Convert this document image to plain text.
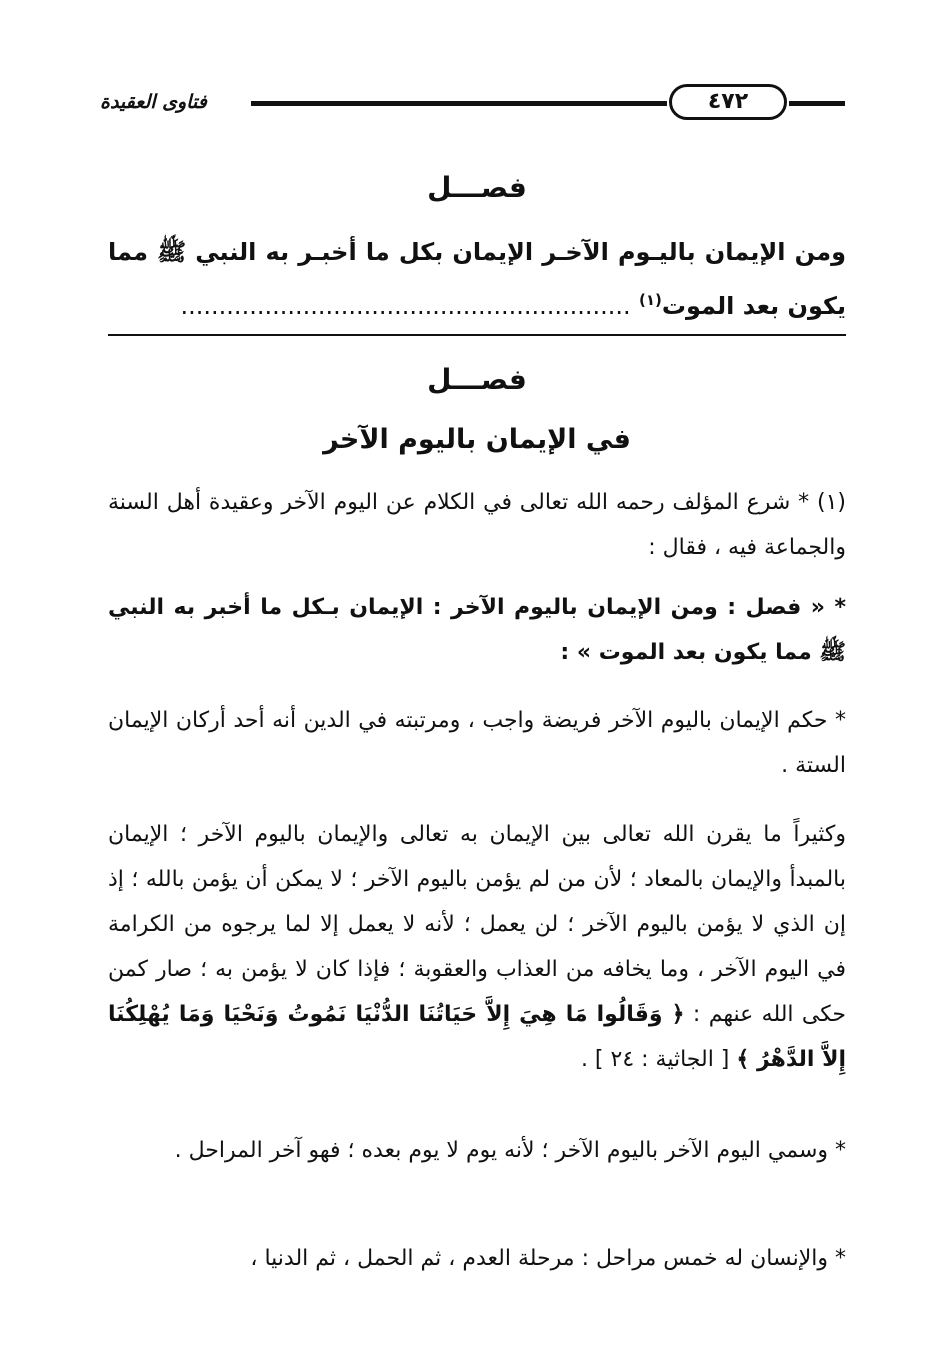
٤٧٢
فتاوى العقيدة
فصـــل
ومن الإيمان باليـوم الآخـر الإيمان بكل ما أخبـر به النبي ﷺ مما يكون بعد الموت$^{(١)}$ ...........................................................
فصـــل
في الإيمان باليوم الآخر
(١) * شرع المؤلف رحمه الله تعالى في الكلام عن اليوم الآخر وعقيدة أهل السنة والجماعة فيه ، فقال :
* « فصل : ومن الإيمان باليوم الآخر : الإيمان بـكل ما أخبر به النبي ﷺ مما يكون بعد الموت » :
* حكم الإيمان باليوم الآخر فريضة واجب ، ومرتبته في الدين أنه أحد أركان الإيمان الستة .
وكثيراً ما يقرن الله تعالى بين الإيمان به تعالى والإيمان باليوم الآخر ؛ الإيمان بالمبدأ والإيمان بالمعاد ؛ لأن من لم يؤمن باليوم الآخر ؛ لا يمكن أن يؤمن بالله ؛ إذ إن الذي لا يؤمن باليوم الآخر ؛ لن يعمل ؛ لأنه لا يعمل إلا لما يرجوه من الكرامة في اليوم الآخر ، وما يخافه من العذاب والعقوبة ؛ فإذا كان لا يؤمن به ؛ صار كمن حكى الله عنهم : ﴿ وَقَالُوا مَا هِيَ إِلاَّ حَيَاتُنَا الدُّنْيَا نَمُوتُ وَنَحْيَا وَمَا يُهْلِكُنَا إِلاَّ الدَّهْرُ ﴾ [ الجاثية : ٢٤ ] .
* وسمي اليوم الآخر باليوم الآخر ؛ لأنه يوم لا يوم بعده ؛ فهو آخر المراحل .
* والإنسان له خمس مراحل : مرحلة العدم ، ثم الحمل ، ثم الدنيا ،
